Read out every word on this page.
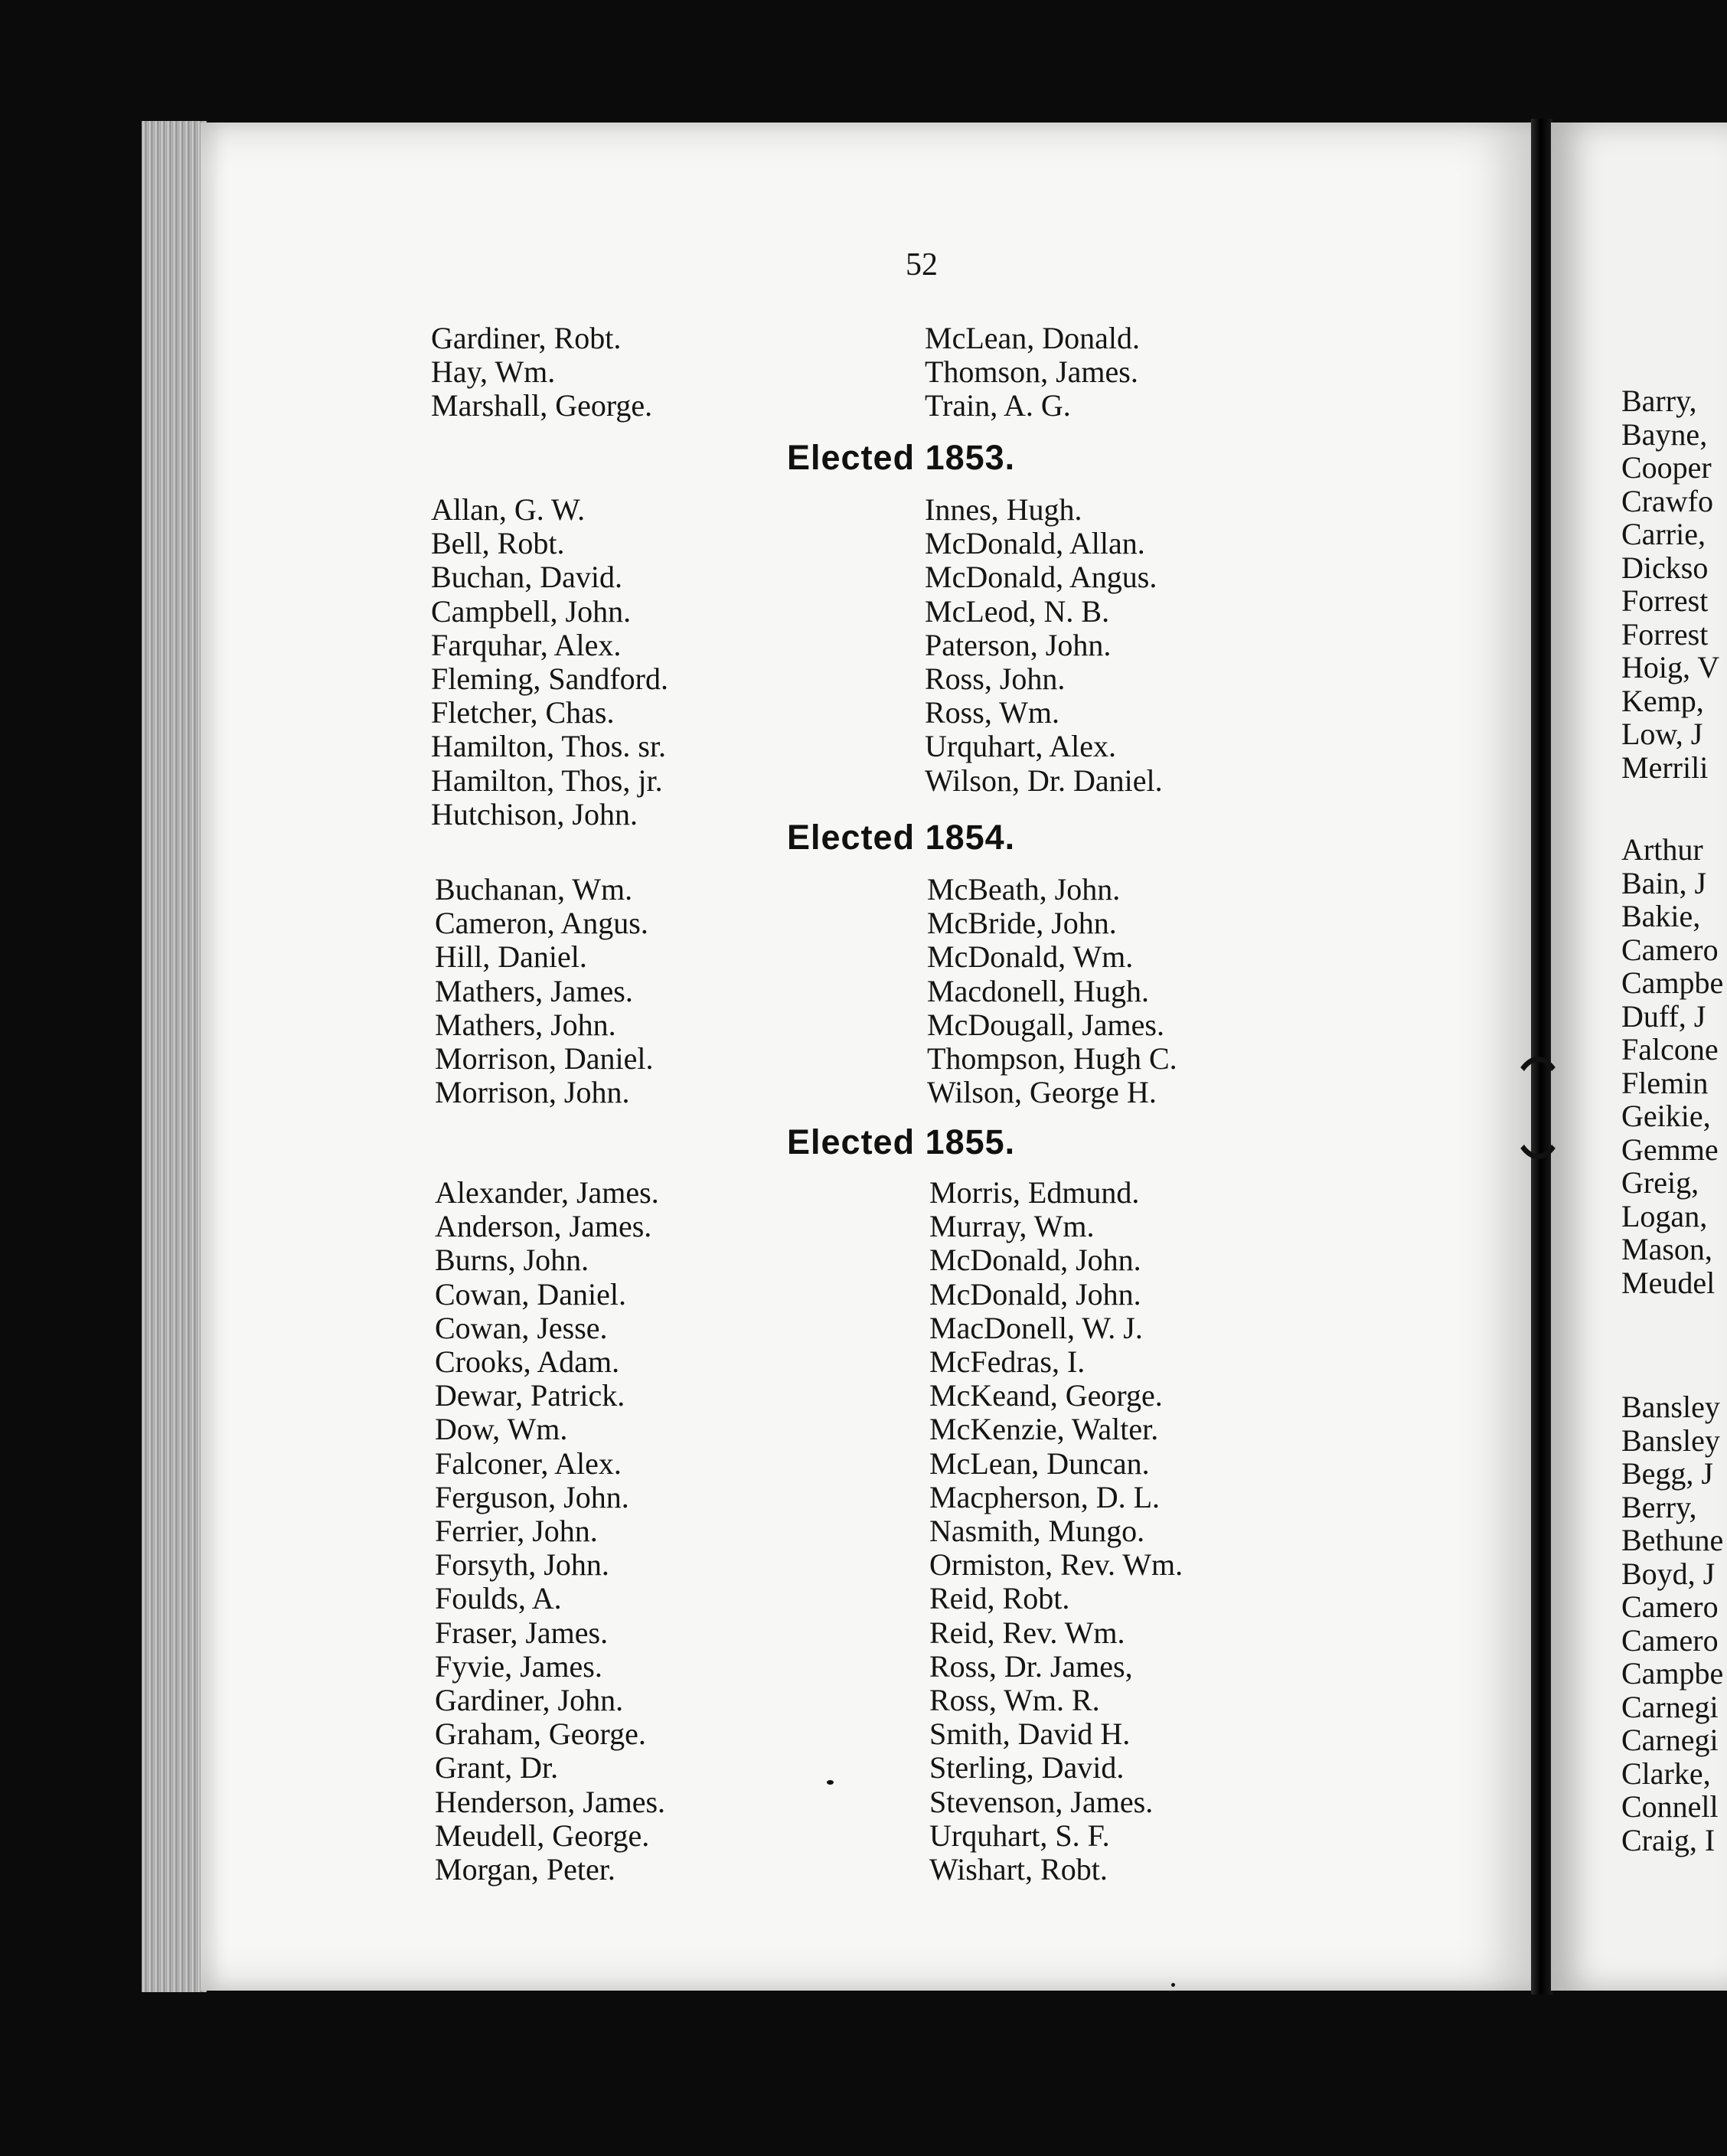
52
Gardiner, Robt.
Hay, Wm.
Marshall, George.
McLean, Donald.
Thomson, James.
Train, A. G.
Elected 1853.
Allan, G. W.
Bell, Robt.
Buchan, David.
Campbell, John.
Farquhar, Alex.
Fleming, Sandford.
Fletcher, Chas.
Hamilton, Thos. sr.
Hamilton, Thos, jr.
Hutchison, John.
Innes, Hugh.
McDonald, Allan.
McDonald, Angus.
McLeod, N. B.
Paterson, John.
Ross, John.
Ross, Wm.
Urquhart, Alex.
Wilson, Dr. Daniel.
Elected 1854.
Buchanan, Wm.
Cameron, Angus.
Hill, Daniel.
Mathers, James.
Mathers, John.
Morrison, Daniel.
Morrison, John.
McBeath, John.
McBride, John.
McDonald, Wm.
Macdonell, Hugh.
McDougall, James.
Thompson, Hugh C.
Wilson, George H.
Elected 1855.
Alexander, James.
Anderson, James.
Burns, John.
Cowan, Daniel.
Cowan, Jesse.
Crooks, Adam.
Dewar, Patrick.
Dow, Wm.
Falconer, Alex.
Ferguson, John.
Ferrier, John.
Forsyth, John.
Foulds, A.
Fraser, James.
Fyvie, James.
Gardiner, John.
Graham, George.
Grant, Dr.
Henderson, James.
Meudell, George.
Morgan, Peter.
Morris, Edmund.
Murray, Wm.
McDonald, John.
McDonald, John.
MacDonell, W. J.
McFedras, I.
McKeand, George.
McKenzie, Walter.
McLean, Duncan.
Macpherson, D. L.
Nasmith, Mungo.
Ormiston, Rev. Wm.
Reid, Robt.
Reid, Rev. Wm.
Ross, Dr. James,
Ross, Wm. R.
Smith, David H.
Sterling, David.
Stevenson, James.
Urquhart, S. F.
Wishart, Robt.
Barry,
Bayne,
Cooper
Crawfo
Carrie,
Dickso
Forrest
Forrest
Hoig, V
Kemp,
Low, J
Merrili
Arthur
Bain, J
Bakie,
Camero
Campbe
Duff, J
Falcone
Flemin
Geikie,
Gemme
Greig,
Logan,
Mason,
Meudel
Bansley
Bansley
Begg, J
Berry,
Bethune
Boyd, J
Camero
Camero
Campbe
Carnegi
Carnegi
Clarke,
Connell
Craig, I
